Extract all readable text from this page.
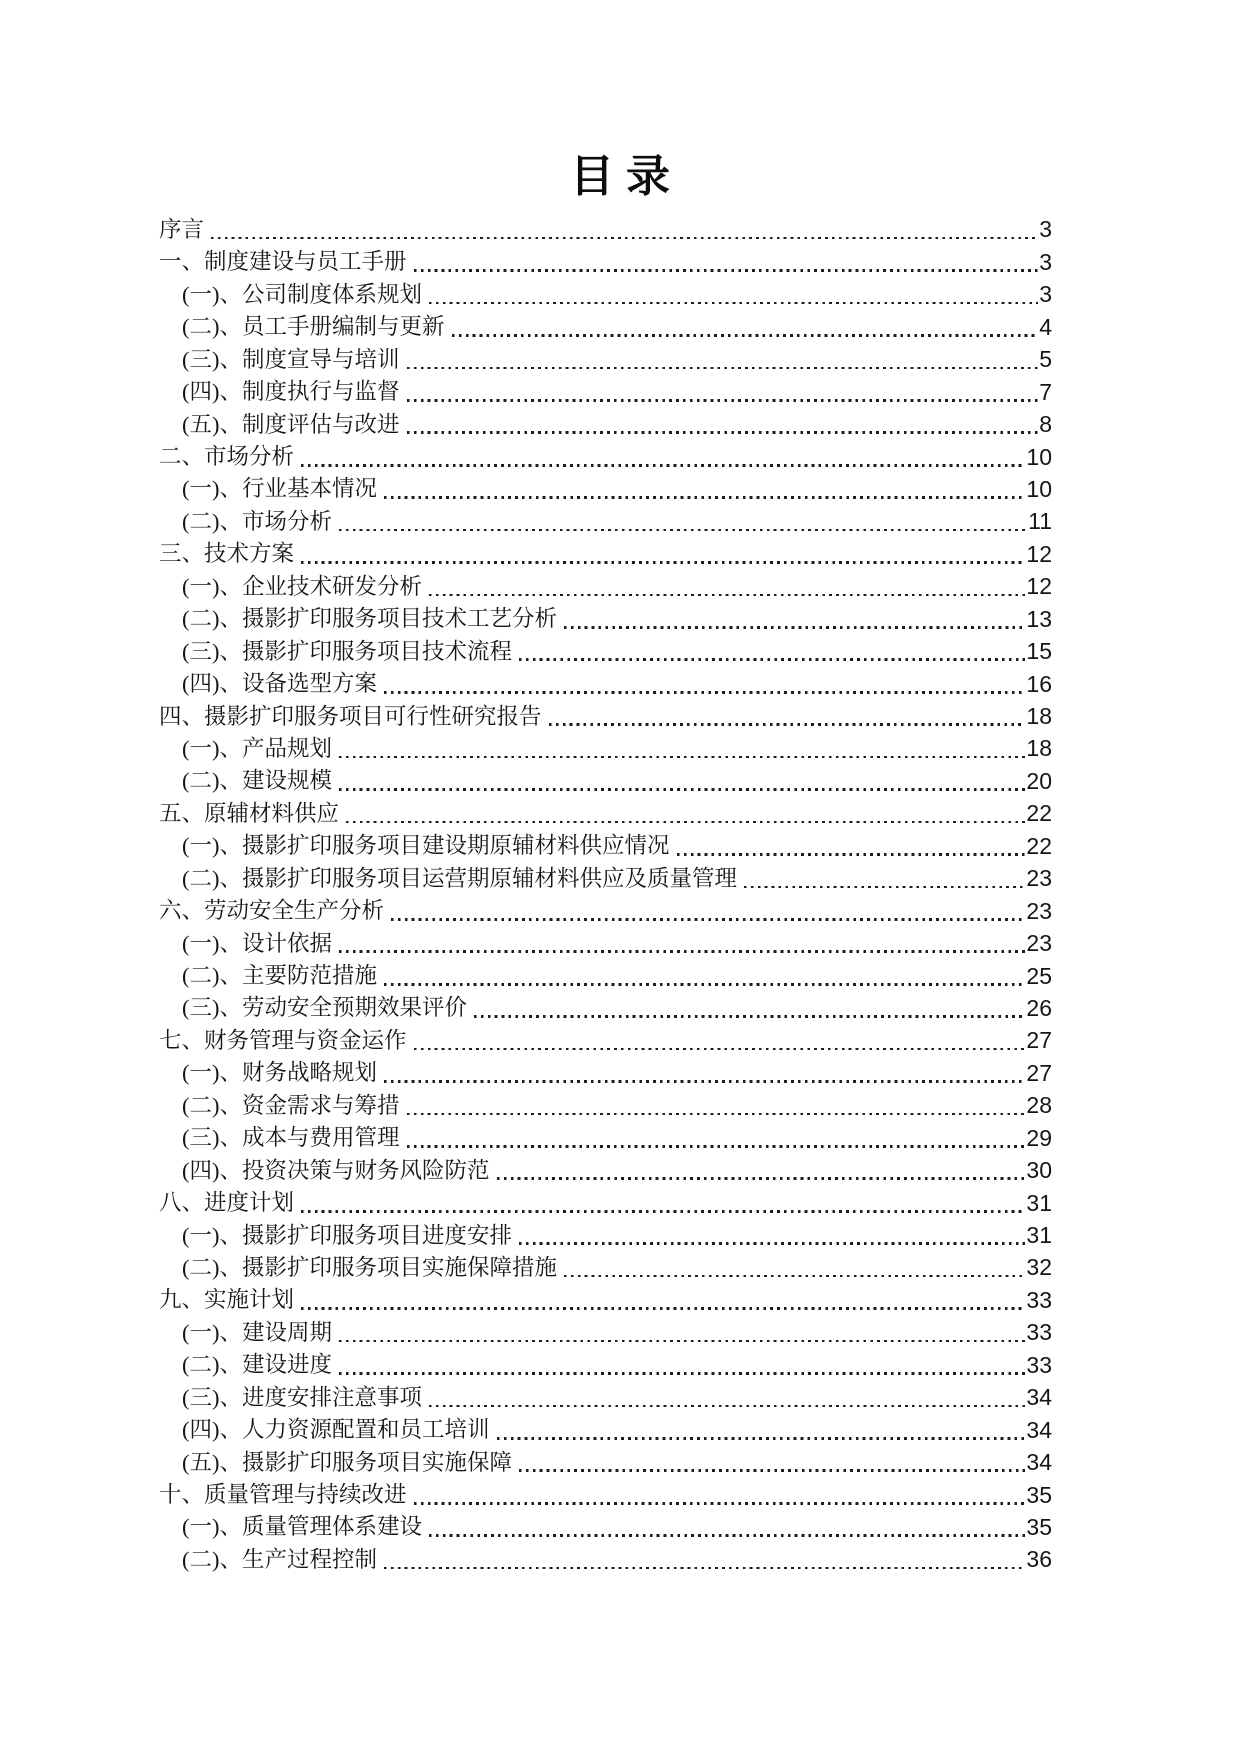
目录
序言	3
一、制度建设与员工手册	3
(一)、公司制度体系规划	3
(二)、员工手册编制与更新	4
(三)、制度宣导与培训	5
(四)、制度执行与监督	7
(五)、制度评估与改进	8
二、市场分析	10
(一)、行业基本情况	10
(二)、市场分析	11
三、技术方案	12
(一)、企业技术研发分析	12
(二)、摄影扩印服务项目技术工艺分析	13
(三)、摄影扩印服务项目技术流程	15
(四)、设备选型方案	16
四、摄影扩印服务项目可行性研究报告	18
(一)、产品规划	18
(二)、建设规模	20
五、原辅材料供应	22
(一)、摄影扩印服务项目建设期原辅材料供应情况	22
(二)、摄影扩印服务项目运营期原辅材料供应及质量管理	23
六、劳动安全生产分析	23
(一)、设计依据	23
(二)、主要防范措施	25
(三)、劳动安全预期效果评价	26
七、财务管理与资金运作	27
(一)、财务战略规划	27
(二)、资金需求与筹措	28
(三)、成本与费用管理	29
(四)、投资决策与财务风险防范	30
八、进度计划	31
(一)、摄影扩印服务项目进度安排	31
(二)、摄影扩印服务项目实施保障措施	32
九、实施计划	33
(一)、建设周期	33
(二)、建设进度	33
(三)、进度安排注意事项	34
(四)、人力资源配置和员工培训	34
(五)、摄影扩印服务项目实施保障	34
十、质量管理与持续改进	35
(一)、质量管理体系建设	35
(二)、生产过程控制	36
